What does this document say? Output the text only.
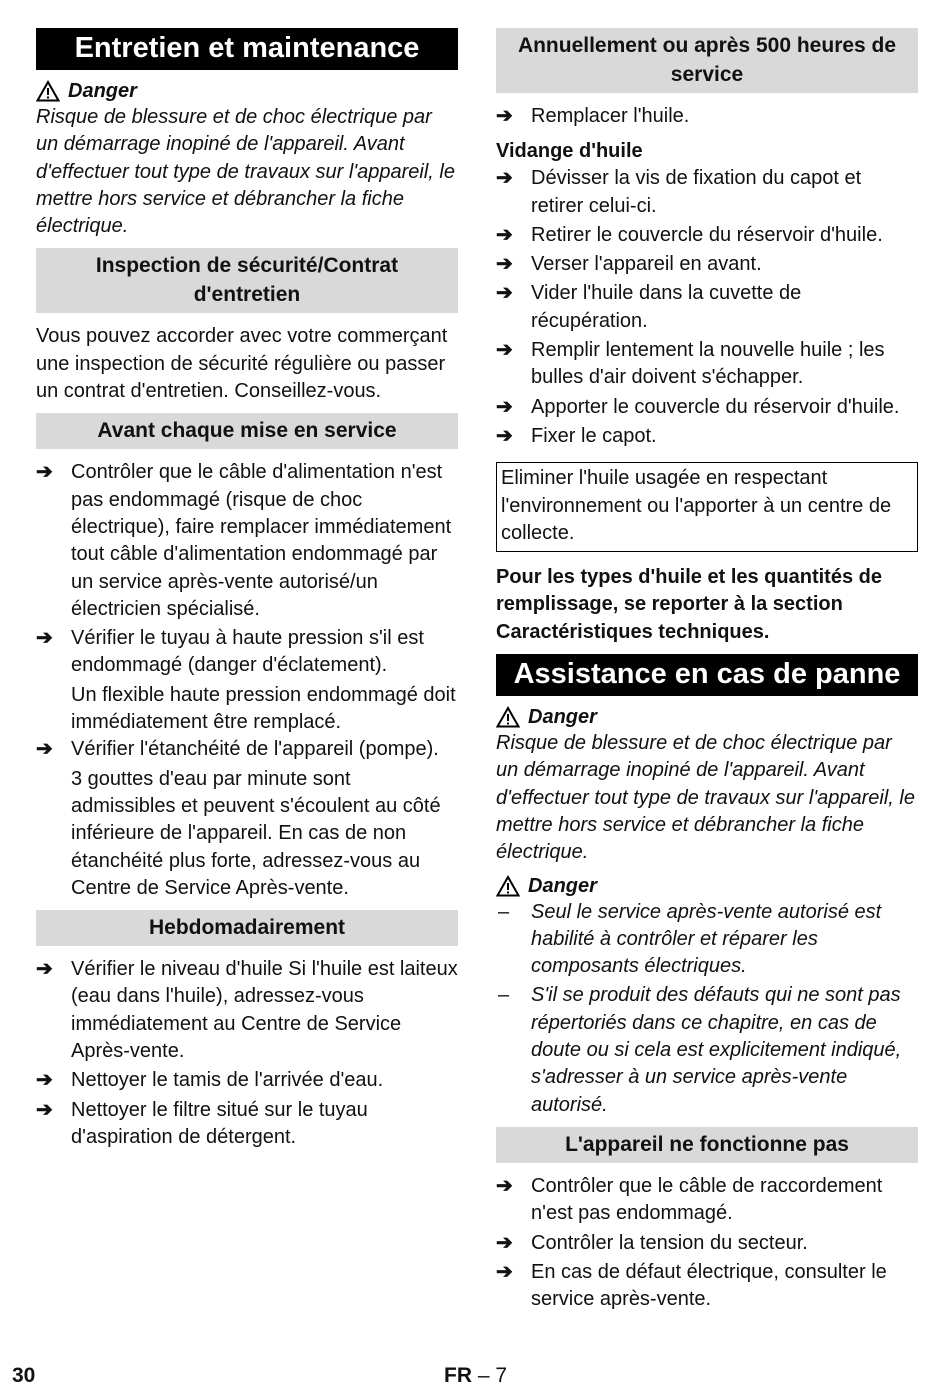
Entretien et maintenance
Danger

Risque de blessure et de choc électrique par un démarrage inopiné de l'appareil. Avant d'effectuer tout type de travaux sur l'appareil, le mettre hors service et débrancher la fiche électrique.

Inspection de sécurité/Contrat d'entretien

Vous pouvez accorder avec votre commerçant une inspection de sécurité régulière ou passer un contrat d'entretien. Conseillez-vous.

Avant chaque mise en service
➔ Contrôler que le câble d'alimentation n'est pas endommagé (risque de choc électrique), faire remplacer immédiatement tout câble d'alimentation endommagé par un service après-vente autorisé/un électricien spécialisé.
➔ Vérifier le tuyau à haute pression s'il est endommagé (danger d'éclatement).
Un flexible haute pression endommagé doit immédiatement être remplacé.
➔ Vérifier l'étanchéité de l'appareil (pompe).
3 gouttes d'eau par minute sont admissibles et peuvent s'écoulent au côté inférieure de l'appareil. En cas de non étanchéité plus forte, adressez-vous au Centre de Service Après-vente.
Hebdomadairement
➔ Vérifier le niveau d'huile Si l'huile est laiteux (eau dans l'huile), adressez-vous immédiatement au Centre de Service Après-vente.
➔ Nettoyer le tamis de l'arrivée d'eau.
➔ Nettoyer le filtre situé sur le tuyau d'aspiration de détergent.
Annuellement ou après 500 heures de service
➔ Remplacer l'huile.
Vidange d'huile
➔ Dévisser la vis de fixation du capot et retirer celui-ci.
➔ Retirer le couvercle du réservoir d'huile.
➔ Verser l'appareil en avant.
➔ Vider l'huile dans la cuvette de récupération.
➔ Remplir lentement la nouvelle huile ; les bulles d'air doivent s'échapper.
➔ Apporter le couvercle du réservoir d'huile.
➔ Fixer le capot.
Eliminer l'huile usagée en respectant l'environnement ou l'apporter à un centre de collecte.

Pour les types d'huile et les quantités de remplissage, se reporter à la section Caractéristiques techniques.

Assistance en cas de panne
Danger

Risque de blessure et de choc électrique par un démarrage inopiné de l'appareil. Avant d'effectuer tout type de travaux sur l'appareil, le mettre hors service et débrancher la fiche électrique.

Danger
– Seul le service après-vente autorisé est habilité à contrôler et réparer les composants électriques.
– S'il se produit des défauts qui ne sont pas répertoriés dans ce chapitre, en cas de doute ou si cela est explicitement indiqué, s'adresser à un service après-vente autorisé.
L'appareil ne fonctionne pas
➔ Contrôler que le câble de raccordement n'est pas endommagé.
➔ Contrôler la tension du secteur.
➔ En cas de défaut électrique, consulter le service après-vente.
30	FR – 7
